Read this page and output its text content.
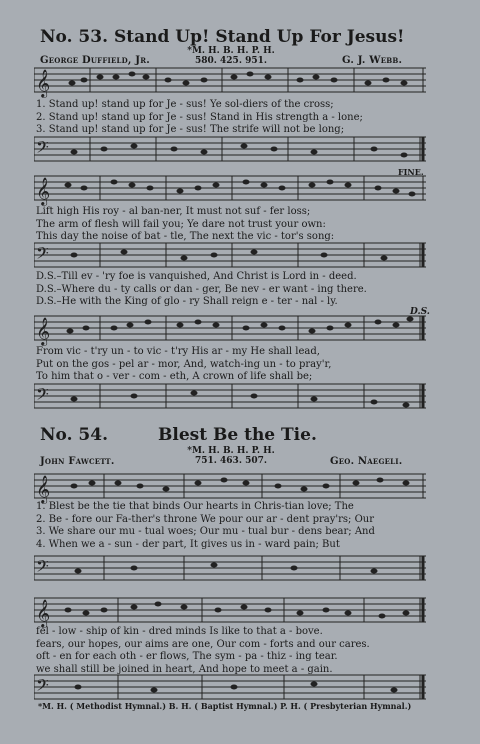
No. 53. Stand Up! Stand Up For Jesus!
George Duffield, Jr.
*M. H. B. H. P. H.
580. 425. 951.	G. J. Webb.
𝄞
1. Stand up! stand up for Je - sus! Ye sol-diers of the cross;
2. Stand up! stand up for Je - sus! Stand in His strength a - lone;
3. Stand up! stand up for Je - sus! The strife will not be long;
𝄢
FINE.
𝄞
Lift high His roy - al ban-ner, It must not suf - fer loss;
The arm of flesh will fail you; Ye dare not trust your own:
This day the noise of bat - tle, The next the vic - tor's song:
𝄢
D.S.–Till ev - 'ry foe is vanquished, And Christ is Lord in - deed.
D.S.–Where du - ty calls or dan - ger, Be nev - er want - ing there.
D.S.–He with the King of glo - ry Shall reign e - ter - nal - ly.
D.S.
𝄞
From vic - t'ry un - to vic - t'ry His ar - my He shall lead,
Put on the gos - pel ar - mor, And, watch-ing un - to pray'r,
To him that o - ver - com - eth, A crown of life shall be;
𝄢
No. 54.	Blest Be the Tie.
*M. H. B. H. P. H.
751. 463. 507.
John Fawcett.	Geo. Naegeli.
𝄞
1. Blest be the tie that binds Our hearts in Chris-tian love; The
2. Be - fore our Fa-ther's throne We pour our ar - dent pray'rs; Our
3. We share our mu - tual woes; Our mu - tual bur - dens bear; And
4. When we a - sun - der part, It gives us in - ward pain; But
𝄢
𝄞
fel - low - ship of kin - dred minds Is like to that a - bove.
fears, our hopes, our aims are one, Our com - forts and our cares.
oft - en for each oth - er flows, The sym - pa - thiz - ing tear.
we shall still be joined in heart, And hope to meet a - gain.
𝄢
*M. H. ( Methodist Hymnal.) B. H. ( Baptist Hymnal.) P. H. ( Presbyterian Hymnal.)
